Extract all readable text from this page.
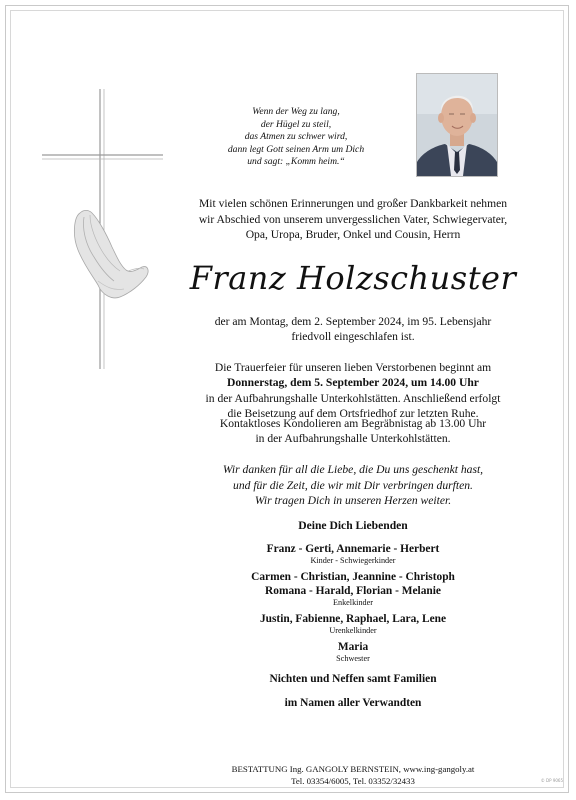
Wenn der Weg zu lang,
der Hügel zu steil,
das Atmen zu schwer wird,
dann legt Gott seinen Arm um Dich
und sagt: „Komm heim.“
Mit vielen schönen Erinnerungen und großer Dankbarkeit nehmen
wir Abschied von unserem unvergesslichen Vater, Schwiegervater,
Opa, Uropa, Bruder, Onkel und Cousin, Herrn
Franz Holzschuster
der am Montag, dem 2. September 2024, im 95. Lebensjahr
friedvoll eingeschlafen ist.
Die Trauerfeier für unseren lieben Verstorbenen beginnt am
Donnerstag, dem 5. September 2024, um 14.00 Uhr
in der Aufbahrungshalle Unterkohlstätten. Anschließend erfolgt
die Beisetzung auf dem Ortsfriedhof zur letzten Ruhe.
Kontaktloses Kondolieren am Begräbnistag ab 13.00 Uhr
in der Aufbahrungshalle Unterkohlstätten.
Wir danken für all die Liebe, die Du uns geschenkt hast,
und für die Zeit, die wir mit Dir verbringen durften.
Wir tragen Dich in unseren Herzen weiter.
Deine Dich Liebenden
Franz - Gerti, Annemarie - Herbert
Kinder - Schwiegerkinder
Carmen - Christian, Jeannine - Christoph
Romana - Harald, Florian - Melanie
Enkelkinder
Justin, Fabienne, Raphael, Lara, Lene
Urenkelkinder
Maria
Schwester
Nichten und Neffen samt Familien
im Namen aller Verwandten
BESTATTUNG Ing. GANGOLY BERNSTEIN, www.ing-gangoly.at
Tel. 03354/6005, Tel. 03352/32433	© DP 9065
